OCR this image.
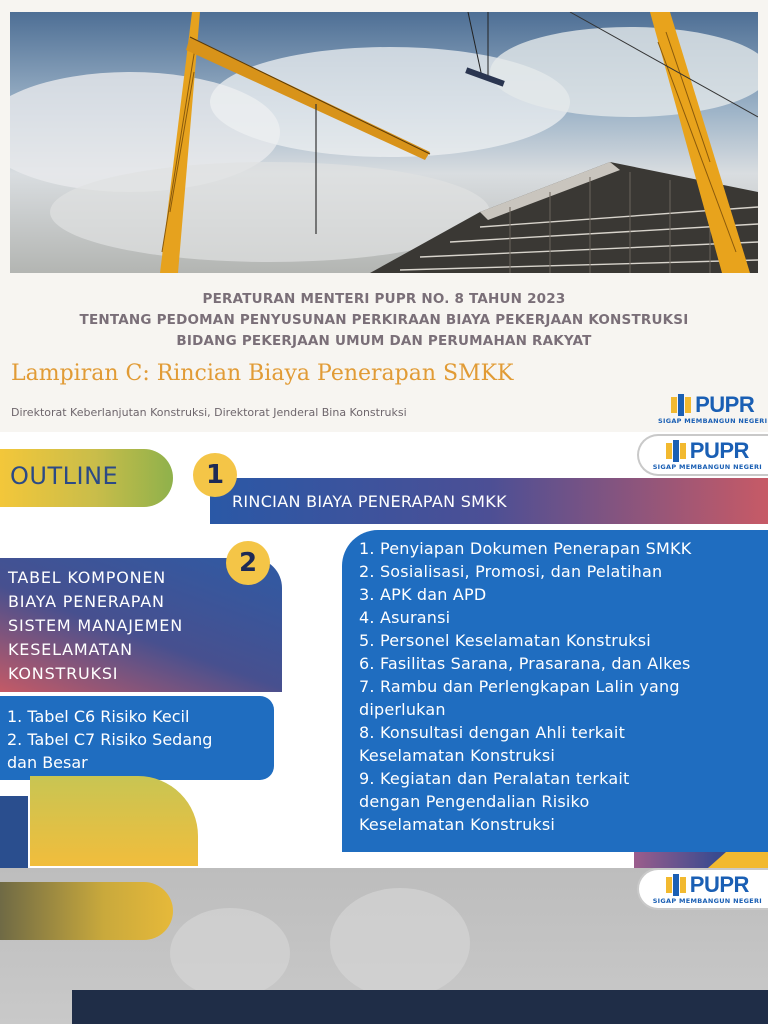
PERATURAN MENTERI PUPR NO. 8 TAHUN 2023
TENTANG PEDOMAN PENYUSUNAN PERKIRAAN BIAYA PEKERJAAN KONSTRUKSI
BIDANG PEKERJAAN UMUM DAN PERUMAHAN RAKYAT
Lampiran C: Rincian Biaya Penerapan SMKK
Direktorat Keberlanjutan Konstruksi, Direktorat Jenderal Bina Konstruksi	PUPR
SIGAP MEMBANGUN NEGERI
PUPR
SIGAP MEMBANGUN NEGERI
OUTLINE
RINCIAN BIAYA PENERAPAN SMKK
1
TABEL KOMPONEN
BIAYA PENERAPAN
SISTEM MANAJEMEN
KESELAMATAN
KONSTRUKSI
2
1. Tabel C6 Risiko Kecil
2. Tabel C7 Risiko Sedang
dan Besar
1. Penyiapan Dokumen Penerapan SMKK
2. Sosialisasi, Promosi, dan Pelatihan
3. APK dan APD
4. Asuransi
5. Personel Keselamatan Konstruksi
6. Fasilitas Sarana, Prasarana, dan Alkes
7. Rambu dan Perlengkapan Lalin yang
diperlukan
8. Konsultasi dengan Ahli terkait
Keselamatan Konstruksi
9. Kegiatan dan Peralatan terkait
dengan Pengendalian Risiko
Keselamatan Konstruksi
PUPR
SIGAP MEMBANGUN NEGERI
